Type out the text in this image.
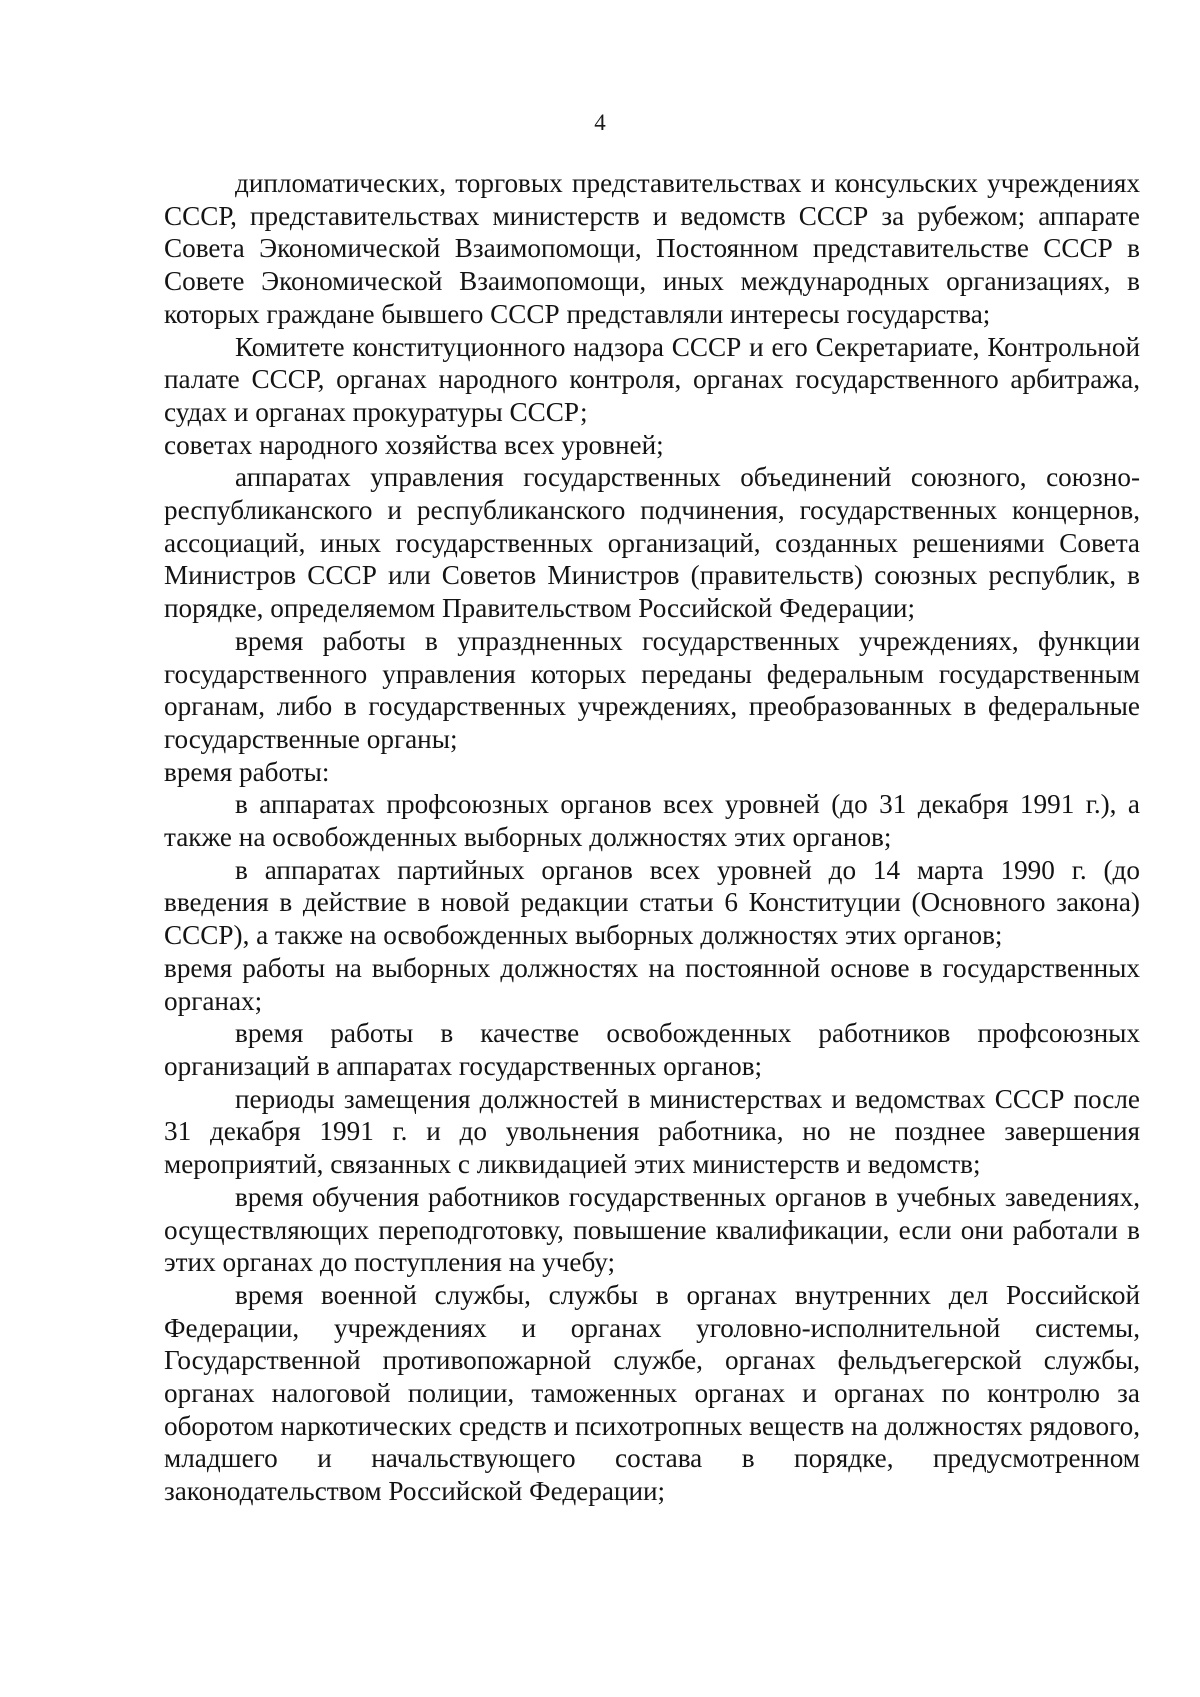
4

дипломатических, торговых представительствах и консульских учреждениях СССР, представительствах министерств и ведомств СССР за рубежом; аппарате Совета Экономической Взаимопомощи, Постоянном представительстве СССР в Совете Экономической Взаимопомощи, иных международных организациях, в которых граждане бывшего СССР представляли интересы государства;

Комитете конституционного надзора СССР и его Секретариате, Контрольной палате СССР, органах народного контроля, органах государственного арбитража, судах и органах прокуратуры СССР;

советах народного хозяйства всех уровней;

аппаратах управления государственных объединений союзного, союзно-республиканского и республиканского подчинения, государственных концернов, ассоциаций, иных государственных организаций, созданных решениями Совета Министров СССР или Советов Министров (правительств) союзных республик, в порядке, определяемом Правительством Российской Федерации;

время работы в упраздненных государственных учреждениях, функции государственного управления которых переданы федеральным государственным органам, либо в государственных учреждениях, преобразованных в федеральные государственные органы;

время работы:

в аппаратах профсоюзных органов всех уровней (до 31 декабря 1991 г.), а также на освобожденных выборных должностях этих органов;

в аппаратах партийных органов всех уровней до 14 марта 1990 г. (до введения в действие в новой редакции статьи 6 Конституции (Основного закона) СССР), а также на освобожденных выборных должностях этих органов;

время работы на выборных должностях на постоянной основе в государственных органах;

время работы в качестве освобожденных работников профсоюзных организаций в аппаратах государственных органов;

периоды замещения должностей в министерствах и ведомствах СССР после 31 декабря 1991 г. и до увольнения работника, но не позднее завершения мероприятий, связанных с ликвидацией этих министерств и ведомств;

время обучения работников государственных органов в учебных заведениях, осуществляющих переподготовку, повышение квалификации, если они работали в этих органах до поступления на учебу;

время военной службы, службы в органах внутренних дел Российской Федерации, учреждениях и органах уголовно-исполнительной системы, Государственной противопожарной службе, органах фельдъегерской службы, органах налоговой полиции, таможенных органах и органах по контролю за оборотом наркотических средств и психотропных веществ на должностях рядового, младшего и начальствующего состава в порядке, предусмотренном законодательством Российской Федерации;
